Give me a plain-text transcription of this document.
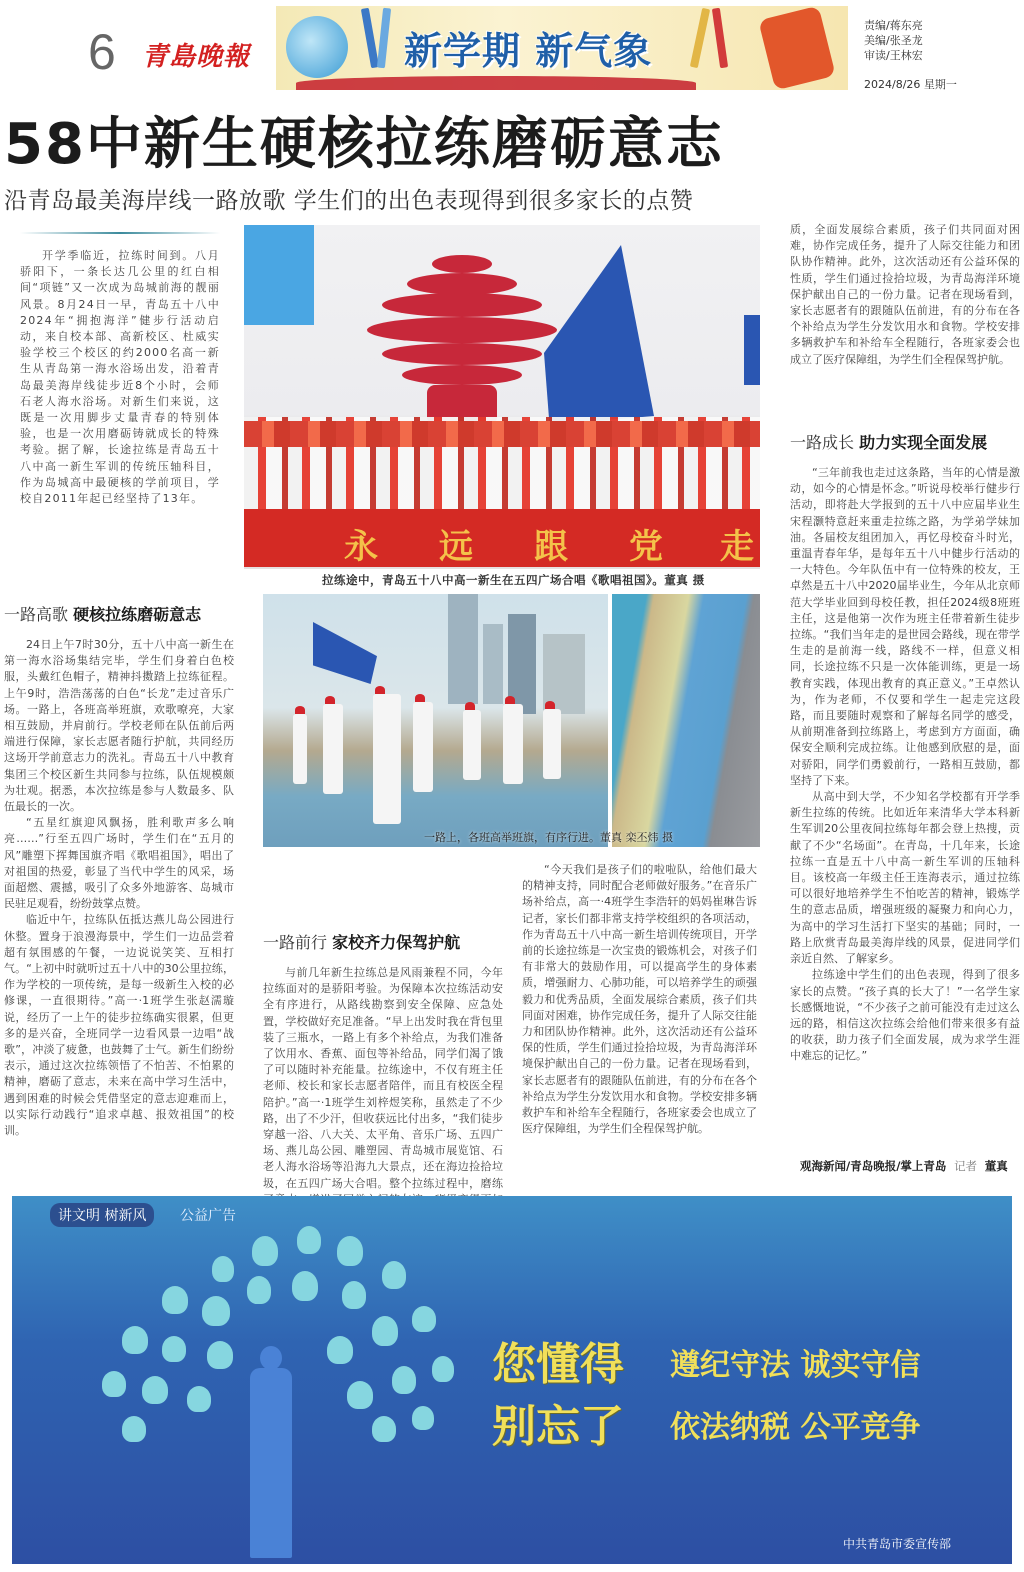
6 青島晚報	新学期 新气象
责编/蒋东亮
美编/张圣龙
审读/王林宏
2024/8/26 星期一
58中新生硬核拉练磨砺意志
沿青岛最美海岸线一路放歌 学生们的出色表现得到很多家长的点赞

开学季临近，拉练时间到。八月骄阳下，一条长达几公里的红白相间“项链”又一次成为岛城前海的靓丽风景。8月24日一早，青岛五十八中2024年“拥抱海洋”健步行活动启动，来自校本部、高新校区、杜威实验学校三个校区的约2000名高一新生从青岛第一海水浴场出发，沿着青岛最美海岸线徒步近8个小时，会师石老人海水浴场。对新生们来说，这既是一次用脚步丈量青春的特别体验，也是一次用磨砺铸就成长的特殊考验。据了解，长途拉练是青岛五十八中高一新生军训的传统压轴科目，作为岛城高中最硬核的学前项目，学校自2011年起已经坚持了13年。

永 远 跟 党 走
拉练途中，青岛五十八中高一新生在五四广场合唱《歌唱祖国》。董真 摄
一路上，各班高举班旗，有序行进。董真 栾丕炜 摄
一路高歌 硬核拉练磨砺意志

24日上午7时30分，五十八中高一新生在第一海水浴场集结完毕，学生们身着白色校服，头戴红色帽子，精神抖擞踏上拉练征程。上午9时，浩浩荡荡的白色“长龙”走过音乐广场。一路上，各班高举班旗，欢歌嘹亮，大家相互鼓励，并肩前行。学校老师在队伍前后两端进行保障，家长志愿者随行护航，共同经历这场开学前意志力的洗礼。青岛五十八中教育集团三个校区新生共同参与拉练，队伍规模颇为壮观。据悉，本次拉练是参与人数最多、队伍最长的一次。

“五星红旗迎风飘扬，胜利歌声多么响亮……”行至五四广场时，学生们在“五月的风”雕塑下挥舞国旗齐唱《歌唱祖国》，唱出了对祖国的热爱，彰显了当代中学生的风采，场面超燃、震撼，吸引了众多外地游客、岛城市民驻足观看，纷纷鼓掌点赞。

临近中午，拉练队伍抵达燕儿岛公园进行休整。置身于浪漫海景中，学生们一边品尝着超有氛围感的午餐，一边说说笑笑、互相打气。“上初中时就听过五十八中的30公里拉练，作为学校的一项传统，是每一级新生入校的必修课，一直很期待。”高一·1班学生张赵濡璇说，经历了一上午的徒步拉练确实很累，但更多的是兴奋，全班同学一边看风景一边唱“战歌”，冲淡了疲惫，也鼓舞了士气。新生们纷纷表示，通过这次拉练领悟了不怕苦、不怕累的精神，磨砺了意志，未来在高中学习生活中，遇到困难的时候会凭借坚定的意志迎难而上，以实际行动践行“追求卓越、报效祖国”的校训。

一路前行 家校齐力保驾护航

与前几年新生拉练总是风雨兼程不同，今年拉练面对的是骄阳考验。为保障本次拉练活动安全有序进行，从路线勘察到安全保障、应急处置，学校做好充足准备。“早上出发时我在背包里装了三瓶水，一路上有多个补给点，为我们准备了饮用水、香蕉、面包等补给品，同学们渴了饿了可以随时补充能量。拉练途中，不仅有班主任老师、校长和家长志愿者陪伴，而且有校医全程陪护。”高一·1班学生刘梓煜笑称，虽然走了不少路，出了不少汗，但收获远比付出多，“我们徒步穿越一浴、八大关、太平角、音乐广场、五四广场、燕儿岛公园、雕塑园、青岛城市展览馆、石老人海水浴场等沿海九大景点，还在海边捡拾垃圾，在五四广场大合唱。整个拉练过程中，磨练

“今天我们是孩子们的啦啦队，给他们最大的精神支持，同时配合老师做好服务。”在音乐广场补给点，高一·4班学生李浩轩的妈妈崔琳告诉记者，家长们都非常支持学校组织的各项活动，作为青岛五十八中高一新生培训传统项目，开学前的长途拉练是一次宝贵的锻炼机会，对孩子们有非常大的鼓励作用，可以提高学生的身体素质，增强耐力、心肺功能，可以培养学生的顽强毅力和优秀品质，全面发展综合素质，孩子们共同面对困难，协作完成任务，提升了人际交往能力和团队协作精神。此外，这次活动还有公益环保的性质，学生们通过捡拾垃圾，为青岛海洋环境保护献出自己的一份力量。记者在现场看到，家长志愿者有的跟随队伍前进，有的分布在各个补给点为学生分发饮用水和食物。学校安排多辆救护车和补给车全程随行，各班家委会也成立了医疗保障组，为学生们全程保驾护航。

质，全面发展综合素质，孩子们共同面对困难，协作完成任务，提升了人际交往能力和团队协作精神。此外，这次活动还有公益环保的性质，学生们通过捡拾垃圾，为青岛海洋环境保护献出自己的一份力量。记者在现场看到，家长志愿者有的跟随队伍前进，有的分布在各个补给点为学生分发饮用水和食物。学校安排多辆救护车和补给车全程随行，各班家委会也成立了医疗保障组，为学生们全程保驾护航。

一路成长 助力实现全面发展

“三年前我也走过这条路，当年的心情是激动，如今的心情是怀念。”听说母校举行健步行活动，即将赴大学报到的五十八中应届毕业生宋程灏特意赶来重走拉练之路，为学弟学妹加油。各届校友组团加入，再忆母校奋斗时光，重温青春年华，是每年五十八中健步行活动的一大特色。今年队伍中有一位特殊的校友，王卓然是五十八中2020届毕业生，今年从北京师范大学毕业回到母校任教，担任2024级8班班主任，这是他第一次作为班主任带着新生徒步拉练。“我们当年走的是世园会路线，现在带学生走的是前海一线，路线不一样，但意义相同，长途拉练不只是一次体能训练，更是一场教育实践，体现出教育的真正意义。”王卓然认为，作为老师，不仅要和学生一起走完这段路，而且要随时观察和了解每名同学的感受，从前期准备到拉练路上，考虑到方方面面，确保安全顺利完成拉练。让他感到欣慰的是，面对骄阳，同学们勇毅前行，一路相互鼓励，都坚持了下来。

从高中到大学，不少知名学校都有开学季新生拉练的传统。比如近年来清华大学本科新生军训20公里夜间拉练每年都会登上热搜，贡献了不少“名场面”。在青岛，十几年来，长途拉练一直是五十八中高一新生军训的压轴科目。该校高一年级主任王连海表示，通过拉练可以很好地培养学生不怕吃苦的精神，锻炼学生的意志品质，增强班级的凝聚力和向心力，为高中的学习生活打下坚实的基础；同时，一路上欣赏青岛最美海岸线的风景，促进同学们亲近自然、了解家乡。

拉练途中学生们的出色表现，得到了很多家长的点赞。“孩子真的长大了！”一名学生家长感慨地说，“不少孩子之前可能没有走过这么远的路，相信这次拉练会给他们带来很多有益的收获，助力孩子们全面发展，成为求学生涯中难忘的记忆。”

观海新闻/青岛晚报/掌上青岛 记者 董真
讲文明 树新风	公益广告
您懂得 遵纪守法 诚实守信
别忘了 依法纳税 公平竞争
中共青岛市委宣传部
